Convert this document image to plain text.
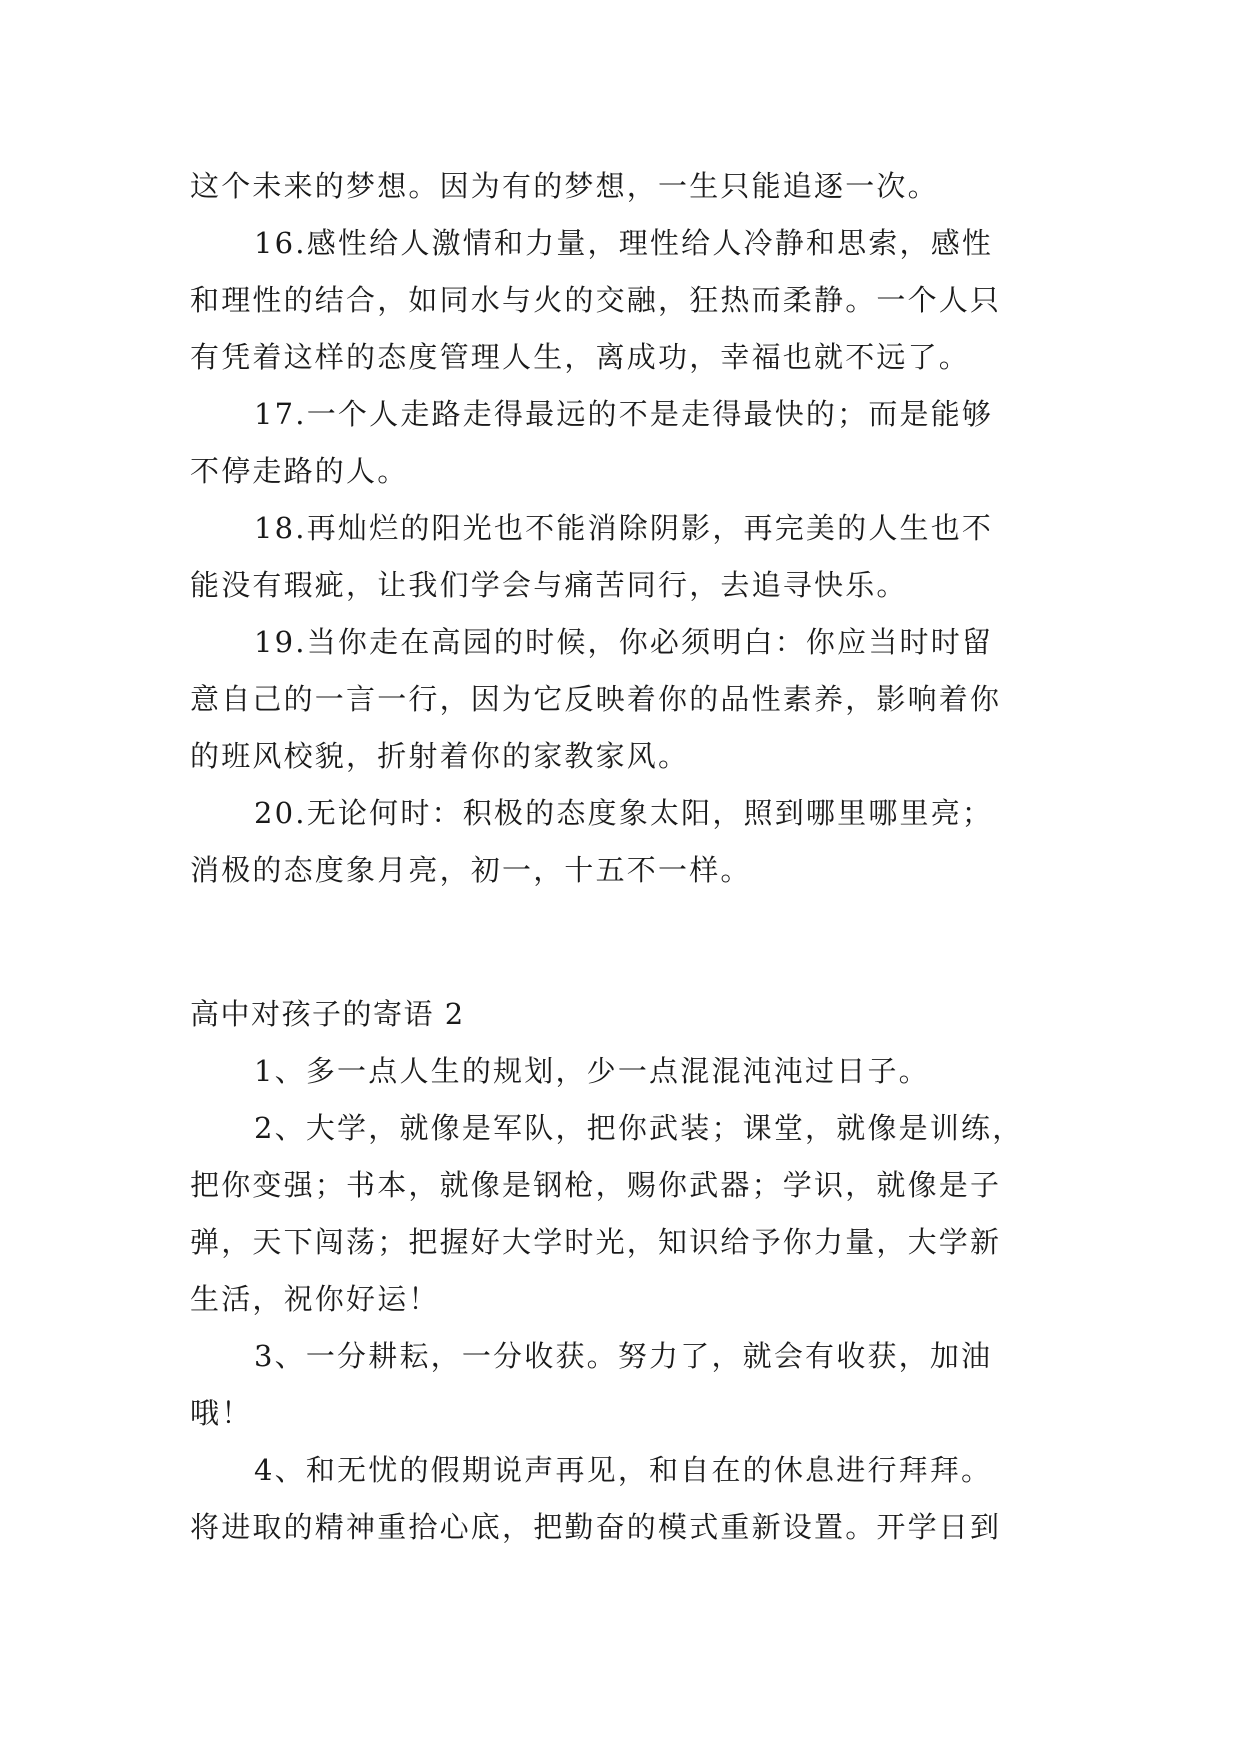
这个未来的梦想。因为有的梦想，一生只能追逐一次。
16.感性给人激情和力量，理性给人冷静和思索，感性
和理性的结合，如同水与火的交融，狂热而柔静。一个人只
有凭着这样的态度管理人生，离成功，幸福也就不远了。
17.一个人走路走得最远的不是走得最快的；而是能够
不停走路的人。
18.再灿烂的阳光也不能消除阴影，再完美的人生也不
能没有瑕疵，让我们学会与痛苦同行，去追寻快乐。
19.当你走在高园的时候，你必须明白：你应当时时留
意自己的一言一行，因为它反映着你的品性素养，影响着你
的班风校貌，折射着你的家教家风。
20.无论何时：积极的态度象太阳，照到哪里哪里亮；
消极的态度象月亮，初一，十五不一样。
高中对孩子的寄语 2
1、多一点人生的规划，少一点混混沌沌过日子。
2、大学，就像是军队，把你武装；课堂，就像是训练，
把你变强；书本，就像是钢枪，赐你武器；学识，就像是子
弹，天下闯荡；把握好大学时光，知识给予你力量，大学新
生活，祝你好运！
3、一分耕耘，一分收获。努力了，就会有收获，加油
哦！
4、和无忧的假期说声再见，和自在的休息进行拜拜。
将进取的精神重拾心底，把勤奋的模式重新设置。开学日到
